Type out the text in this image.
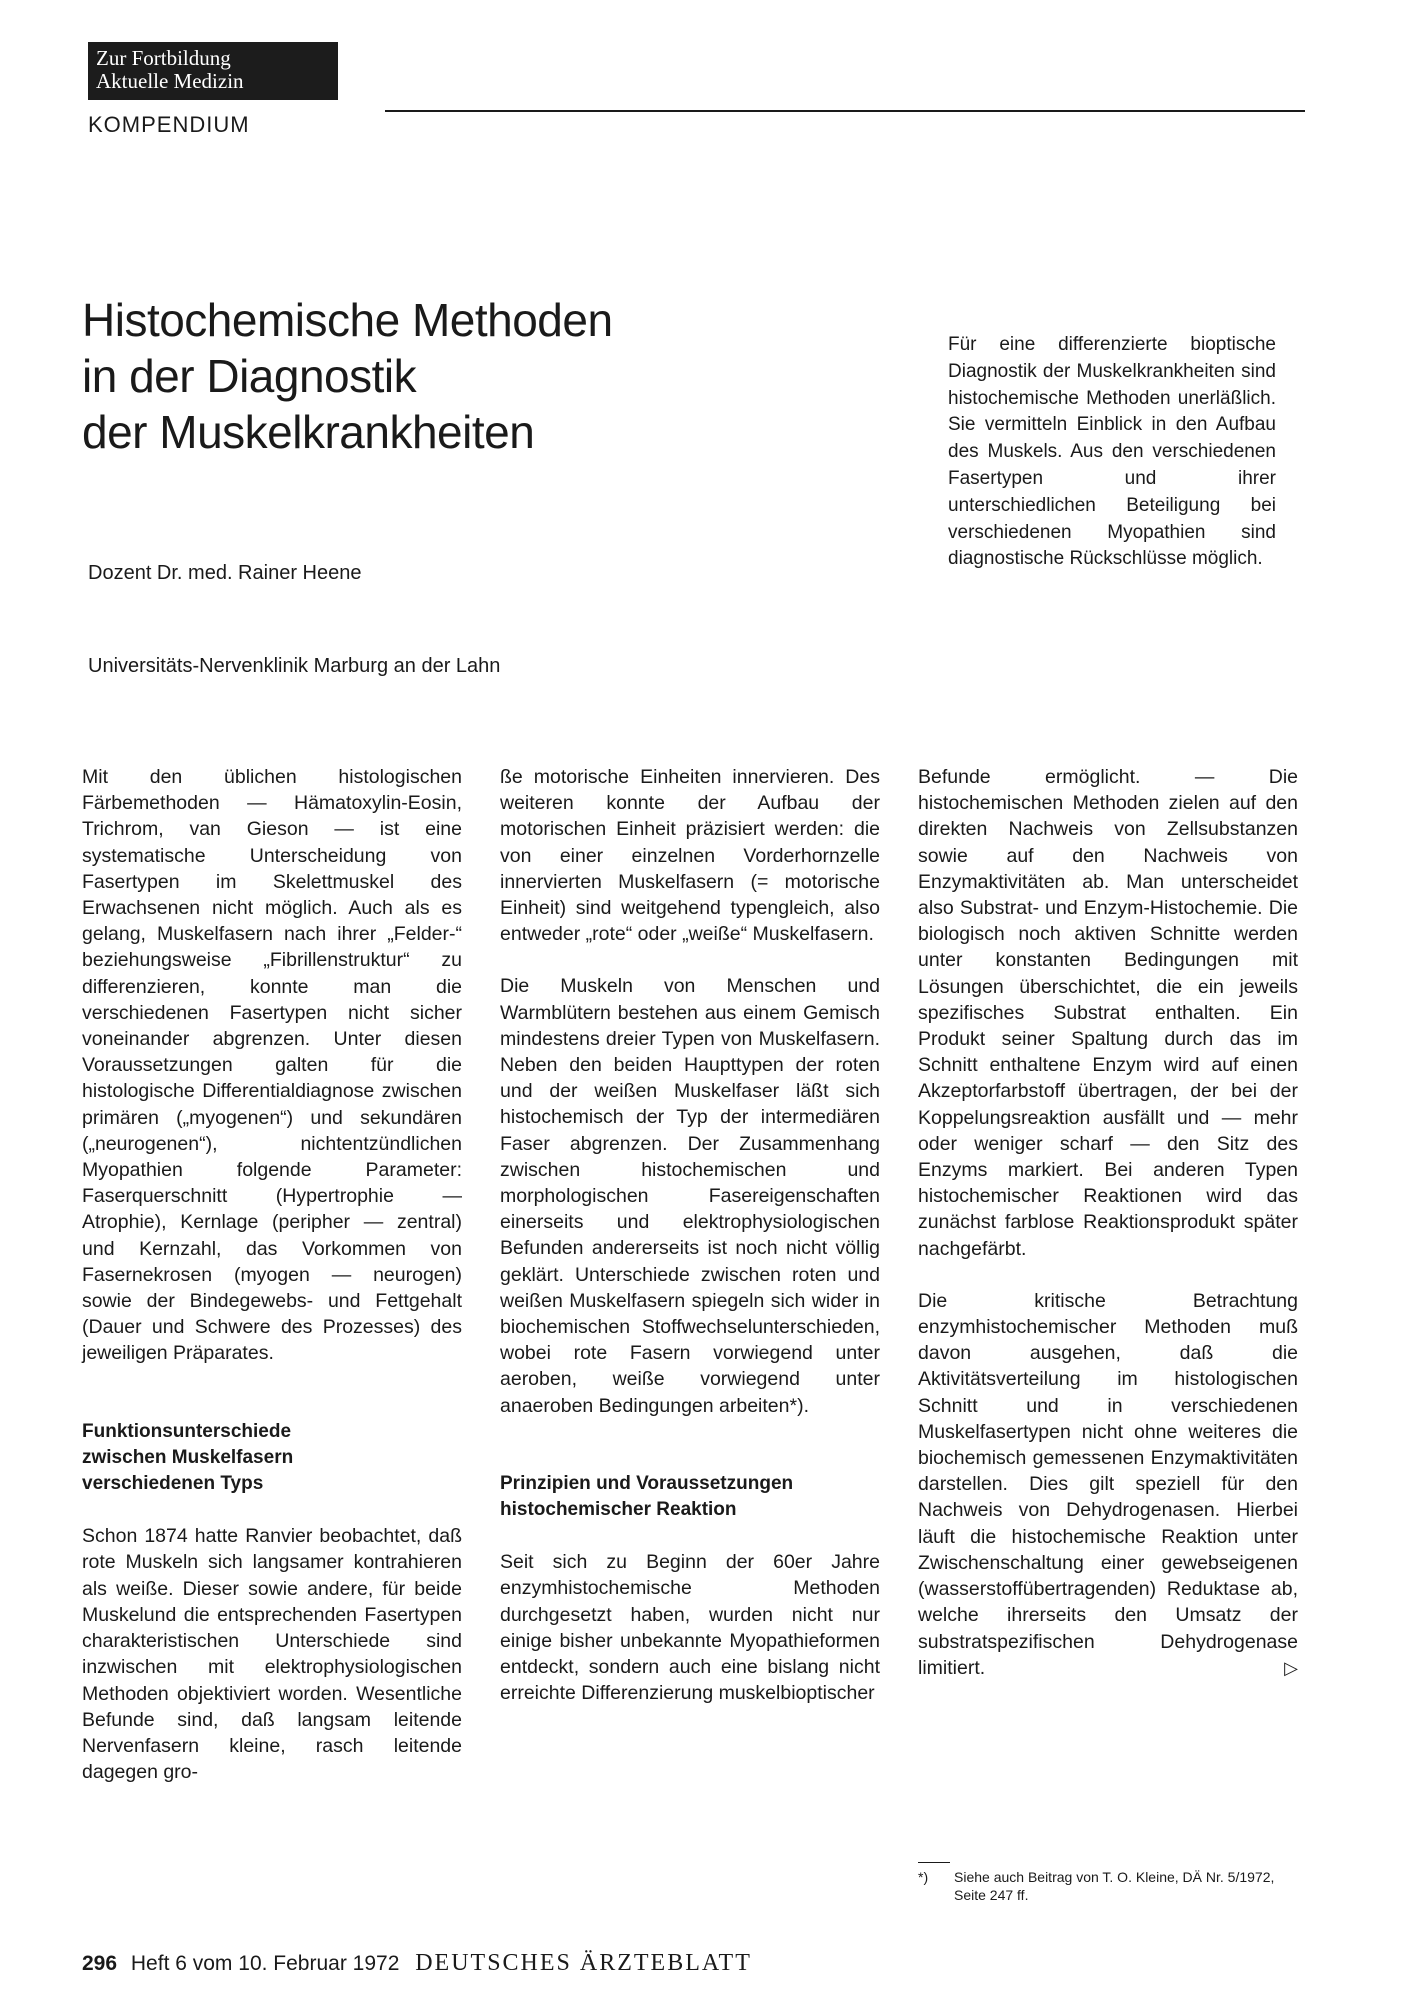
Zur Fortbildung
Aktuelle Medizin
KOMPENDIUM
Histochemische Methoden
in der Diagnostik
der Muskelkrankheiten
Dozent Dr. med. Rainer Heene
Universitäts-Nervenklinik Marburg an der Lahn
Für eine differenzierte bioptische Diagnostik der Muskelkrankheiten sind histochemische Methoden unerläßlich. Sie vermitteln Einblick in den Aufbau des Muskels. Aus den verschiedenen Fasertypen und ihrer unterschiedlichen Beteiligung bei verschiedenen Myopathien sind diagnostische Rückschlüsse möglich.

Mit den üblichen histologischen Färbemethoden — Hämatoxylin-Eosin, Trichrom, van Gieson — ist eine systematische Unterscheidung von Fasertypen im Skelettmuskel des Erwachsenen nicht möglich. Auch als es gelang, Muskelfasern nach ihrer „Felder-“ beziehungsweise „Fibrillenstruktur“ zu differenzieren, konnte man die verschiedenen Fasertypen nicht sicher voneinander abgrenzen. Unter diesen Voraussetzungen galten für die histologische Differentialdiagnose zwischen primären („myogenen“) und sekundären („neurogenen“), nichtentzündlichen Myopathien folgende Parameter: Faserquerschnitt (Hypertrophie — Atrophie), Kernlage (peripher — zentral) und Kernzahl, das Vorkommen von Fasernekrosen (myogen — neurogen) sowie der Bindegewebs- und Fettgehalt (Dauer und Schwere des Prozesses) des jeweiligen Präparates.

Funktionsunterschiede
zwischen Muskelfasern
verschiedenen Typs

Schon 1874 hatte Ranvier beobachtet, daß rote Muskeln sich langsamer kontrahieren als weiße. Dieser sowie andere, für beide Muskelund die entsprechenden Fasertypen charakteristischen Unterschiede sind inzwischen mit elektrophysiologischen Methoden objektiviert worden. Wesentliche Befunde sind, daß langsam leitende Nervenfasern kleine, rasch leitende dagegen gro-

ße motorische Einheiten innervieren. Des weiteren konnte der Aufbau der motorischen Einheit präzisiert werden: die von einer einzelnen Vorderhornzelle innervierten Muskelfasern (= motorische Einheit) sind weitgehend typengleich, also entweder „rote“ oder „weiße“ Muskelfasern.

Die Muskeln von Menschen und Warmblütern bestehen aus einem Gemisch mindestens dreier Typen von Muskelfasern. Neben den beiden Haupttypen der roten und der weißen Muskelfaser läßt sich histochemisch der Typ der intermediären Faser abgrenzen. Der Zusammenhang zwischen histochemischen und morphologischen Fasereigenschaften einerseits und elektrophysiologischen Befunden andererseits ist noch nicht völlig geklärt. Unterschiede zwischen roten und weißen Muskelfasern spiegeln sich wider in biochemischen Stoffwechselunterschieden, wobei rote Fasern vorwiegend unter aeroben, weiße vorwiegend unter anaeroben Bedingungen arbeiten*).

Prinzipien und Voraussetzungen
histochemischer Reaktion

Seit sich zu Beginn der 60er Jahre enzymhistochemische Methoden durchgesetzt haben, wurden nicht nur einige bisher unbekannte Myopathieformen entdeckt, sondern auch eine bislang nicht erreichte Differenzierung muskelbioptischer

Befunde ermöglicht. — Die histochemischen Methoden zielen auf den direkten Nachweis von Zellsubstanzen sowie auf den Nachweis von Enzymaktivitäten ab. Man unterscheidet also Substrat- und Enzym-Histochemie. Die biologisch noch aktiven Schnitte werden unter konstanten Bedingungen mit Lösungen überschichtet, die ein jeweils spezifisches Substrat enthalten. Ein Produkt seiner Spaltung durch das im Schnitt enthaltene Enzym wird auf einen Akzeptorfarbstoff übertragen, der bei der Koppelungsreaktion ausfällt und — mehr oder weniger scharf — den Sitz des Enzyms markiert. Bei anderen Typen histochemischer Reaktionen wird das zunächst farblose Reaktionsprodukt später nachgefärbt.

Die kritische Betrachtung enzymhistochemischer Methoden muß davon ausgehen, daß die Aktivitätsverteilung im histologischen Schnitt und in verschiedenen Muskelfasertypen nicht ohne weiteres die biochemisch gemessenen Enzymaktivitäten darstellen. Dies gilt speziell für den Nachweis von Dehydrogenasen. Hierbei läuft die histochemische Reaktion unter Zwischenschaltung einer gewebseigenen (wasserstoffübertragenden) Reduktase ab, welche ihrerseits den Umsatz der substratspezifischen Dehydrogenase limitiert.	▷

*)	Siehe auch Beitrag von T. O. Kleine, DÄ Nr. 5/1972, Seite 247 ff.
296 Heft 6 vom 10. Februar 1972 DEUTSCHES ÄRZTEBLATT
